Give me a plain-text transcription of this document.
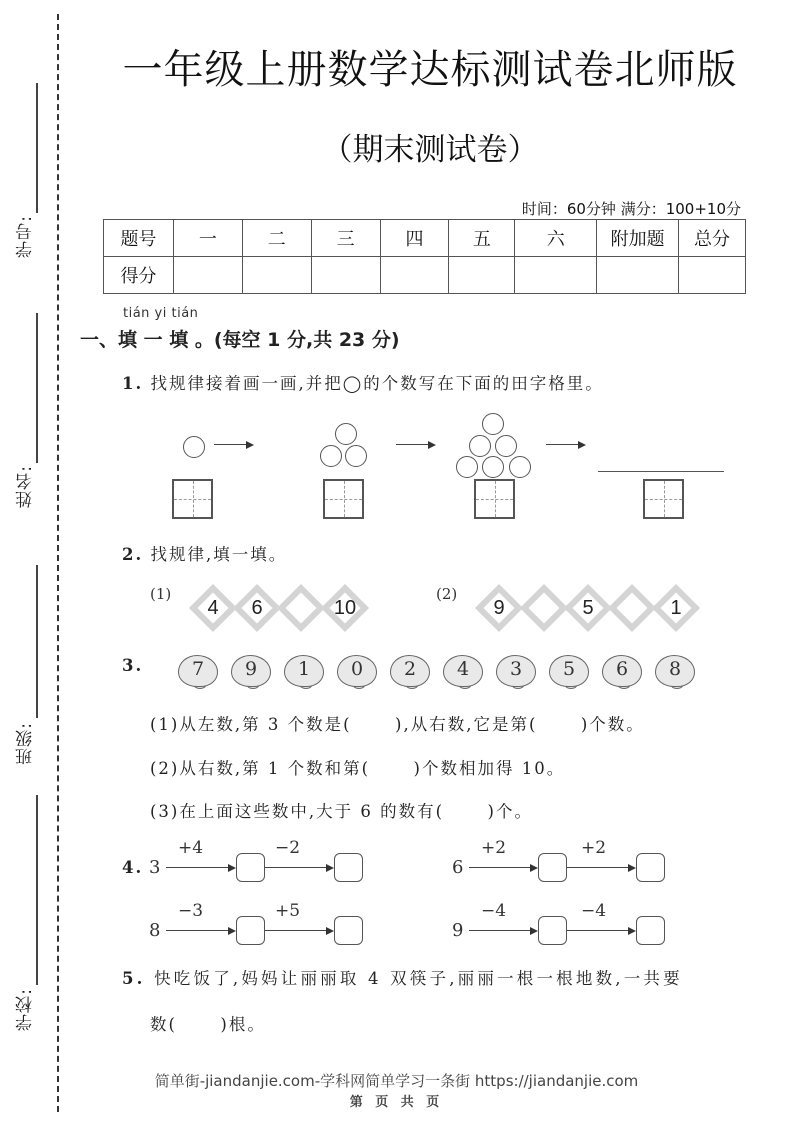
学号:
姓名:
班级:
学校:
一年级上册数学达标测试卷北师版
（期末测试卷）
时间：60分钟 满分：100+10分
题号	一	二	三	四	五	六	附加题	总分
得分								
tián yi tián
一、填 一 填 。(每空 1 分,共 23 分)
1. 找规律接着画一画,并把◯的个数写在下面的田字格里。
2. 找规律,填一填。
(1)
4	6	10
(2)
9	5	1
3.	7	9	1	0	2	4	3	5	6	8
(1)从左数,第 3 个数是(      ),从右数,它是第(      )个数。
(2)从右数,第 1 个数和第(      )个数相加得 10。
(3)在上面这些数中,大于 6 的数有(      )个。
4. 3
+4	−2
6
+2	+2
8
−3	+5
9
−4	−4
5. 快吃饭了,妈妈让丽丽取 4 双筷子,丽丽一根一根地数,一共要
数(      )根。
简单街-jiandanjie.com-学科网简单学习一条街 https://jiandanjie.com
第 页 共 页
